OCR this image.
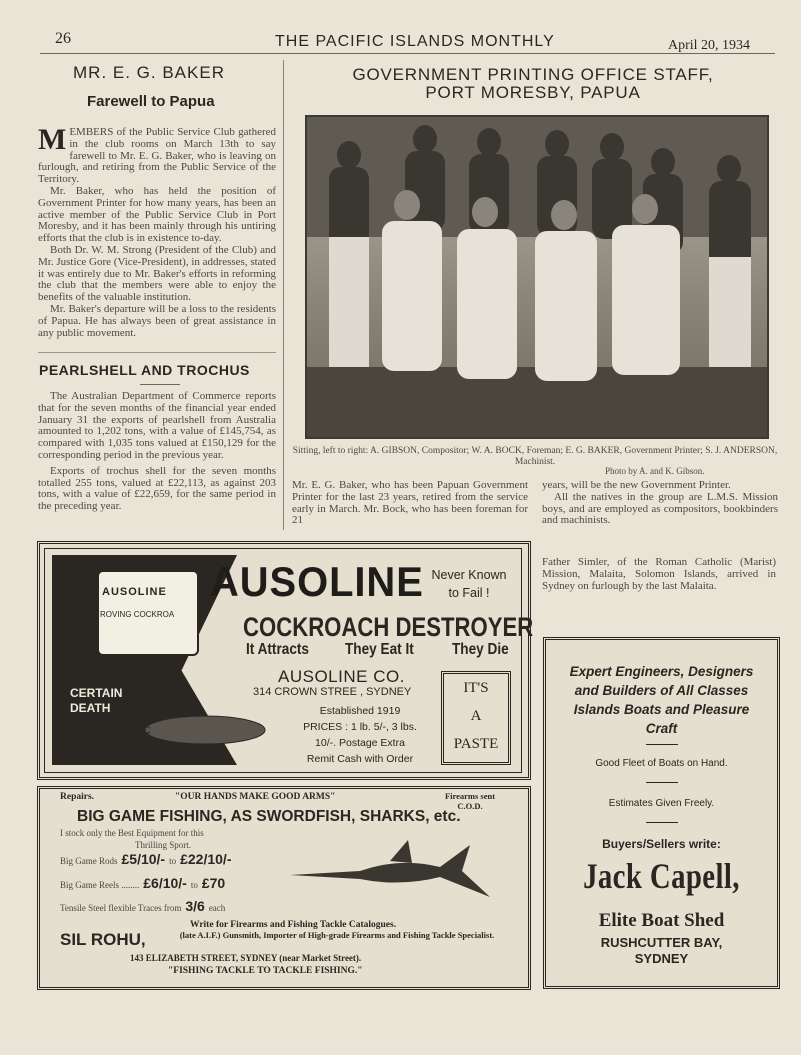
26	THE PACIFIC ISLANDS MONTHLY	April 20, 1934
MR. E. G. BAKER
Farewell to Papua

MEMBERS of the Public Service Club gathered in the club rooms on March 13th to say farewell to Mr. E. G. Baker, who is leaving on furlough, and retiring from the Public Service of the Territory.

Mr. Baker, who has held the position of Government Printer for how many years, has been an active member of the Public Service Club in Port Moresby, and it has been mainly through his untiring efforts that the club is in existence to-day.

Both Dr. W. M. Strong (President of the Club) and Mr. Justice Gore (Vice-President), in addresses, stated it was entirely due to Mr. Baker's efforts in reforming the club that the members were able to enjoy the benefits of the valuable institution.

Mr. Baker's departure will be a loss to the residents of Papua. He has always been of great assistance in any public movement.

PEARLSHELL AND TROCHUS

The Australian Department of Commerce reports that for the seven months of the financial year ended January 31 the exports of pearlshell from Australia amounted to 1,202 tons, with a value of £145,754, as compared with 1,035 tons valued at £150,129 for the corresponding period in the previous year.

Exports of trochus shell for the seven months totalled 255 tons, valued at £22,113, as against 203 tons, with a value of £22,659, for the same period in the preceding year.

GOVERNMENT PRINTING OFFICE STAFF,
PORT MORESBY, PAPUA
Sitting, left to right: A. GIBSON, Compositor; W. A. BOCK, Foreman; E. G. BAKER, Government Printer; S. J. ANDERSON, Machinist.
Photo by A. and K. Gibson.
Mr. E. G. Baker, who has been Papuan Government Printer for the last 23 years, retired from the service early in March. Mr. Bock, who has been foreman for 21

years, will be the new Government Printer.

All the natives in the group are L.M.S. Mission boys, and are employed as compositors, bookbinders and machinists.

Father Simler, of the Roman Catholic (Marist) Mission, Malaita, Solomon Islands, arrived in Sydney on furlough by the last Malaita.
AUSOLINE
ROVING COCKROA
CERTAIN
DEATH
AUSOLINE Never Known
to Fail !
COCKROACH DESTROYER
It Attracts They Eat It They Die
AUSOLINE CO.
314 CROWN STREE , SYDNEY
Established 1919
PRICES : 1 lb. 5/-, 3 lbs.
10/-. Postage Extra
Remit Cash with Order
IT'S
A
PASTE
Repairs.	"OUR HANDS MAKE GOOD ARMS"	Firearms sent C.O.D.
BIG GAME FISHING, AS SWORDFISH, SHARKS, etc.
I stock only the Best Equipment for this
Thrilling Sport.
Big Game Rods £5/10/- to £22/10/-
Big Game Reels ........ £6/10/- to £70
Tensile Steel flexible Traces from 3/6 each
Write for Firearms and Fishing Tackle Catalogues.
SIL ROHU,	(late A.I.F.) Gunsmith, Importer of High-grade Firearms and Fishing Tackle Specialist.
143 ELIZABETH STREET, SYDNEY (near Market Street).
"FISHING TACKLE TO TACKLE FISHING."
Expert Engineers, Designers
and Builders of All Classes
Islands Boats and Pleasure
Craft
Good Fleet of Boats on Hand.
Estimates Given Freely.
Buyers/Sellers write:
Jack Capell,
Elite Boat Shed
RUSHCUTTER BAY,
SYDNEY
